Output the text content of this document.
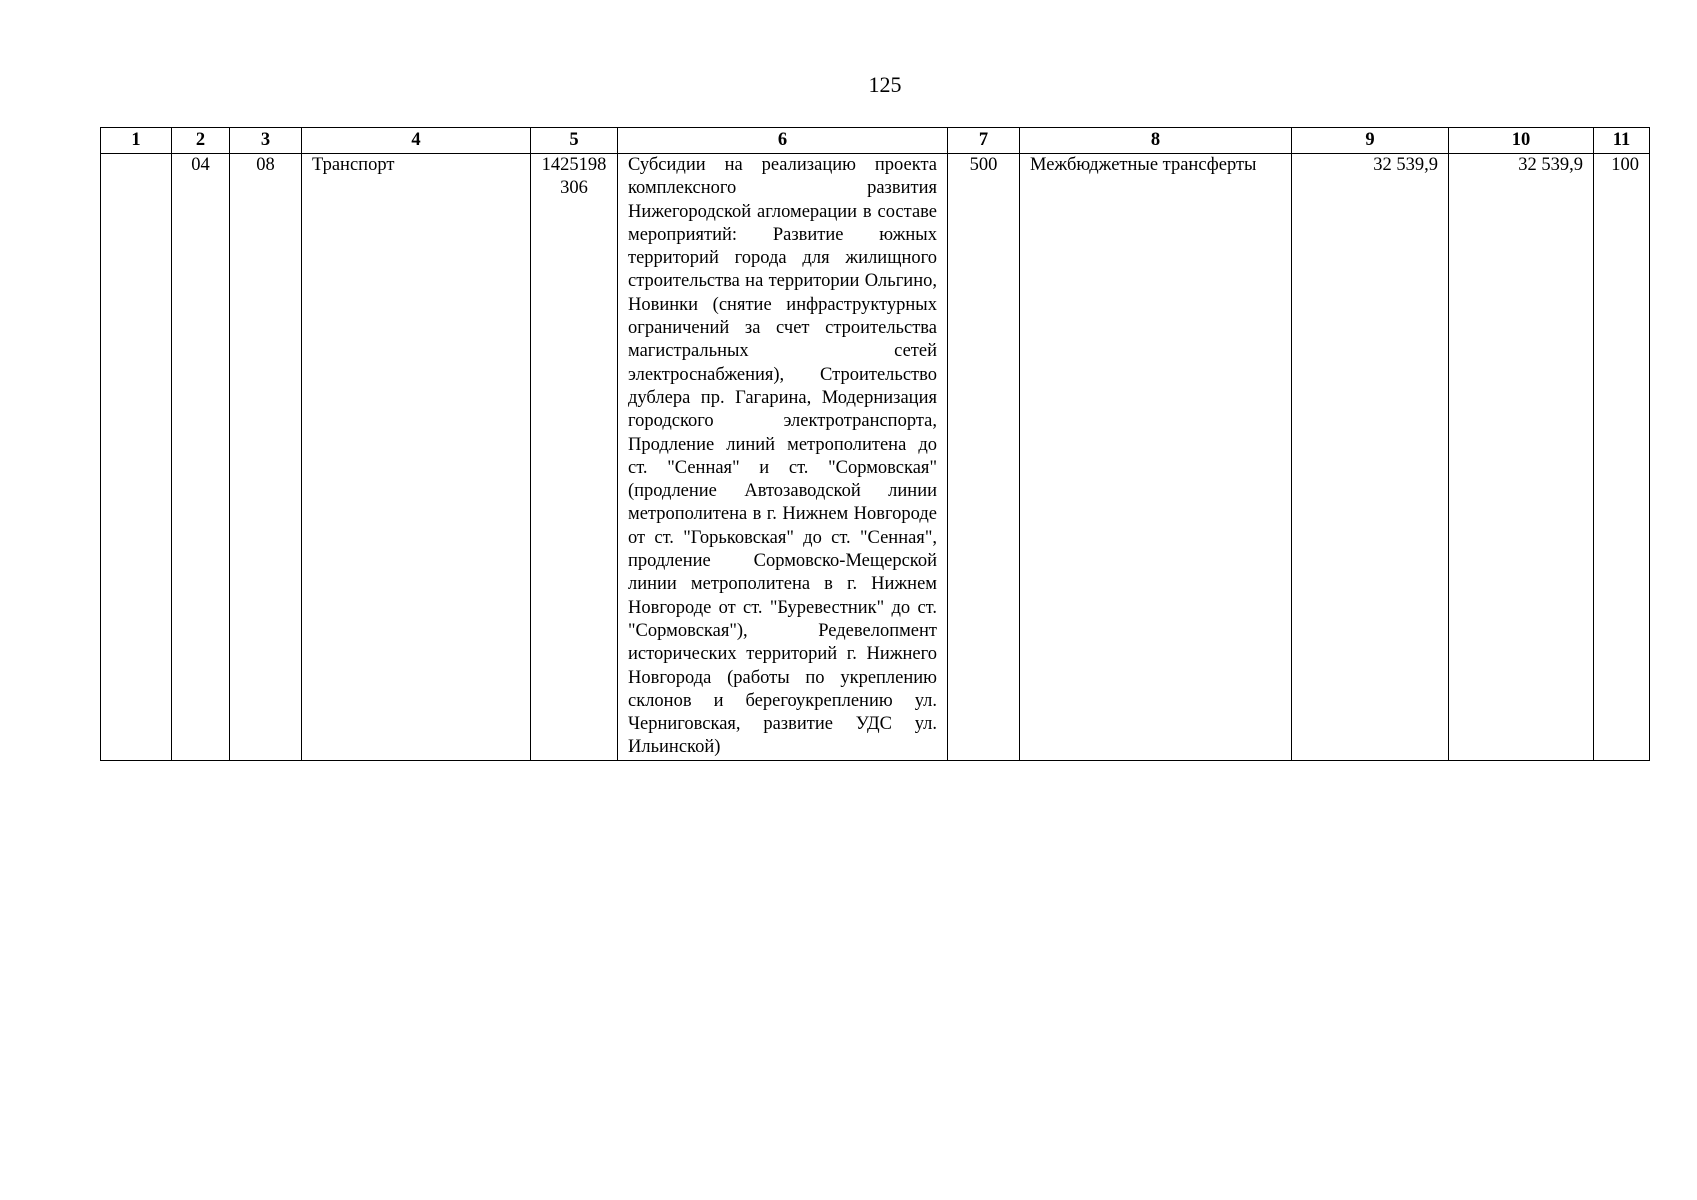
125
1	2	3	4	5	6	7	8	9	10	11
	04	08	Транспорт	1425198306	Субсидии на реализацию проекта комплексного развития Нижегородской агломерации в составе мероприятий: Развитие южных территорий города для жилищного строительства на территории Ольгино, Новинки (снятие инфраструктурных ограничений за счет строительства магистральных сетей электроснабжения), Строительство дублера пр. Гагарина, Модернизация городского электротранспорта, Продление линий метрополитена до ст. "Сенная" и ст. "Сормовская" (продление Автозаводской линии метрополитена в г. Нижнем Новгороде от ст. "Горьковская" до ст. "Сенная", продление Сормовско-Мещерской линии метрополитена в г. Нижнем Новгороде от ст. "Буревестник" до ст. "Сормовская"), Редевелопмент исторических территорий г. Нижнего Новгорода (работы по укреплению склонов и берегоукреплению ул. Черниговская, развитие УДС ул. Ильинской)	500	Межбюджетные трансферты	32 539,9	32 539,9	100
